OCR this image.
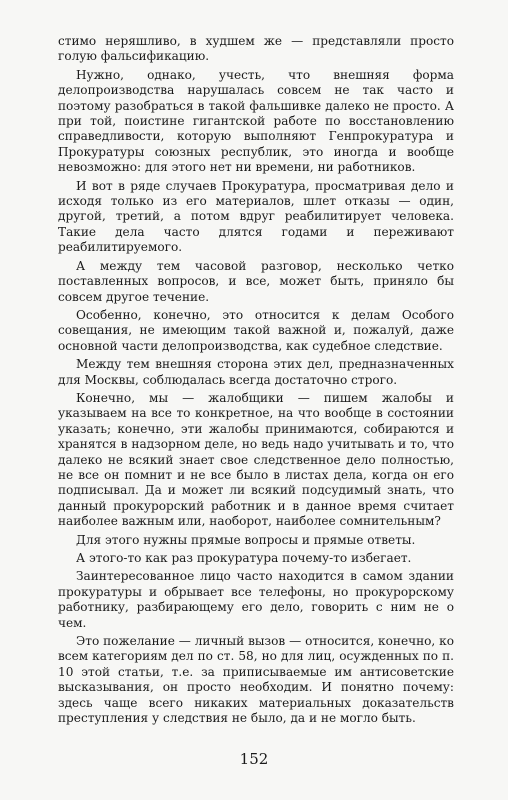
стимо неряшливо, в худшем же — представляли просто голую фальсификацию.

Нужно, однако, учесть, что внешняя форма делопроизводства нарушалась совсем не так часто и поэтому разобраться в такой фальшивке далеко не просто. А при той, поистине гигантской работе по восстановлению справедливости, которую выполняют Генпрокуратура и Прокуратуры союзных республик, это иногда и вообще невозможно: для этого нет ни времени, ни работников.

И вот в ряде случаев Прокуратура, просматривая дело и исходя только из его материалов, шлет отказы — один, другой, третий, а потом вдруг реабилитирует человека. Такие дела часто длятся годами и переживают реабилитируемого.

А между тем часовой разговор, несколько четко поставленных вопросов, и все, может быть, приняло бы совсем другое течение.

Особенно, конечно, это относится к делам Особого совещания, не имеющим такой важной и, пожалуй, даже основной части делопроизводства, как судебное следствие.

Между тем внешняя сторона этих дел, предназначенных для Москвы, соблюдалась всегда достаточно строго.

Конечно, мы — жалобщики — пишем жалобы и указываем на все то конкретное, на что вообще в состоянии указать; конечно, эти жалобы принимаются, собираются и хранятся в надзорном деле, но ведь надо учитывать и то, что далеко не всякий знает свое следственное дело полностью, не все он помнит и не все было в листах дела, когда он его подписывал. Да и может ли всякий подсудимый знать, что данный прокурорский работник и в данное время считает наиболее важным или, наоборот, наиболее сомнительным?

Для этого нужны прямые вопросы и прямые ответы.

А этого-то как раз прокуратура почему-то избегает.

Заинтересованное лицо часто находится в самом здании прокуратуры и обрывает все телефоны, но прокурорскому работнику, разбирающему его дело, говорить с ним не о чем.

Это пожелание — личный вызов — относится, конечно, ко всем категориям дел по ст. 58, но для лиц, осужденных по п. 10 этой статьи, т.е. за приписываемые им антисоветские высказывания, он просто необходим. И понятно почему: здесь чаще всего никаких материальных доказательств преступления у следствия не было, да и не могло быть.

152
